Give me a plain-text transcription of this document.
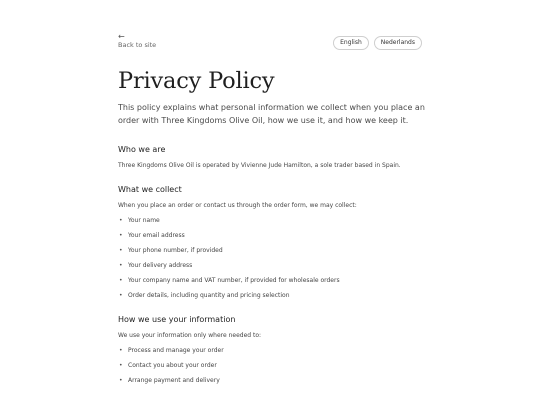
←
Back to site	English	Nederlands
Privacy Policy

This policy explains what personal information we collect when you place an order with Three Kingdoms Olive Oil, how we use it, and how we keep it.

Who we are

Three Kingdoms Olive Oil is operated by Vivienne Jude Hamilton, a sole trader based in Spain.

What we collect

When you place an order or contact us through the order form, we may collect:

• Your name
• Your email address
• Your phone number, if provided
• Your delivery address
• Your company name and VAT number, if provided for wholesale orders
• Order details, including quantity and pricing selection
How we use your information

We use your information only where needed to:

• Process and manage your order
• Contact you about your order
• Arrange payment and delivery
